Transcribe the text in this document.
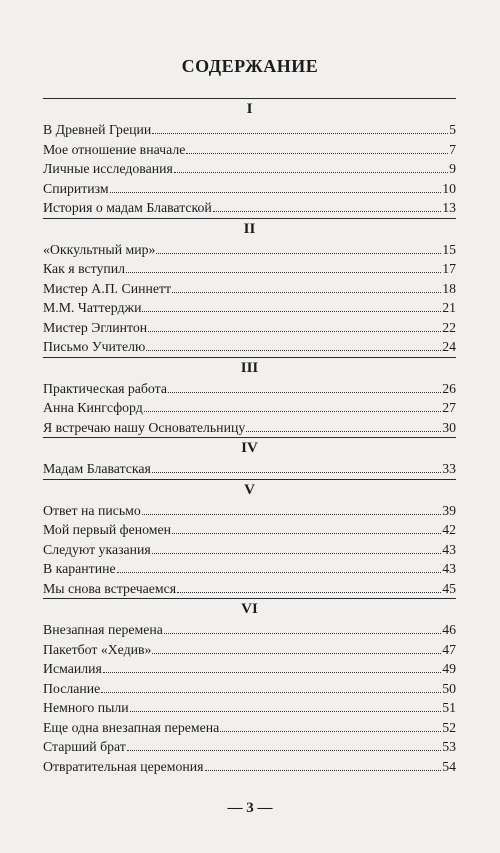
СОДЕРЖАНИЕ
I
В Древней Греции	5
Мое отношение вначале	7
Личные исследования	9
Спиритизм	10
История о мадам Блаватской	13
II
«Оккультный мир»	15
Как я вступил	17
Мистер А.П. Синнетт	18
М.М. Чаттерджи	21
Мистер Эглинтон	22
Письмо Учителю	24
III
Практическая работа	26
Анна Кингсфорд	27
Я встречаю нашу Основательницу	30
IV
Мадам Блаватская	33
V
Ответ на письмо	39
Мой первый феномен	42
Следуют указания	43
В карантине	43
Мы снова встречаемся	45
VI
Внезапная перемена	46
Пакетбот «Хедив»	47
Исмаилия	49
Послание	50
Немного пыли	51
Еще одна внезапная перемена	52
Старший брат	53
Отвратительная церемония	54
— 3 —
